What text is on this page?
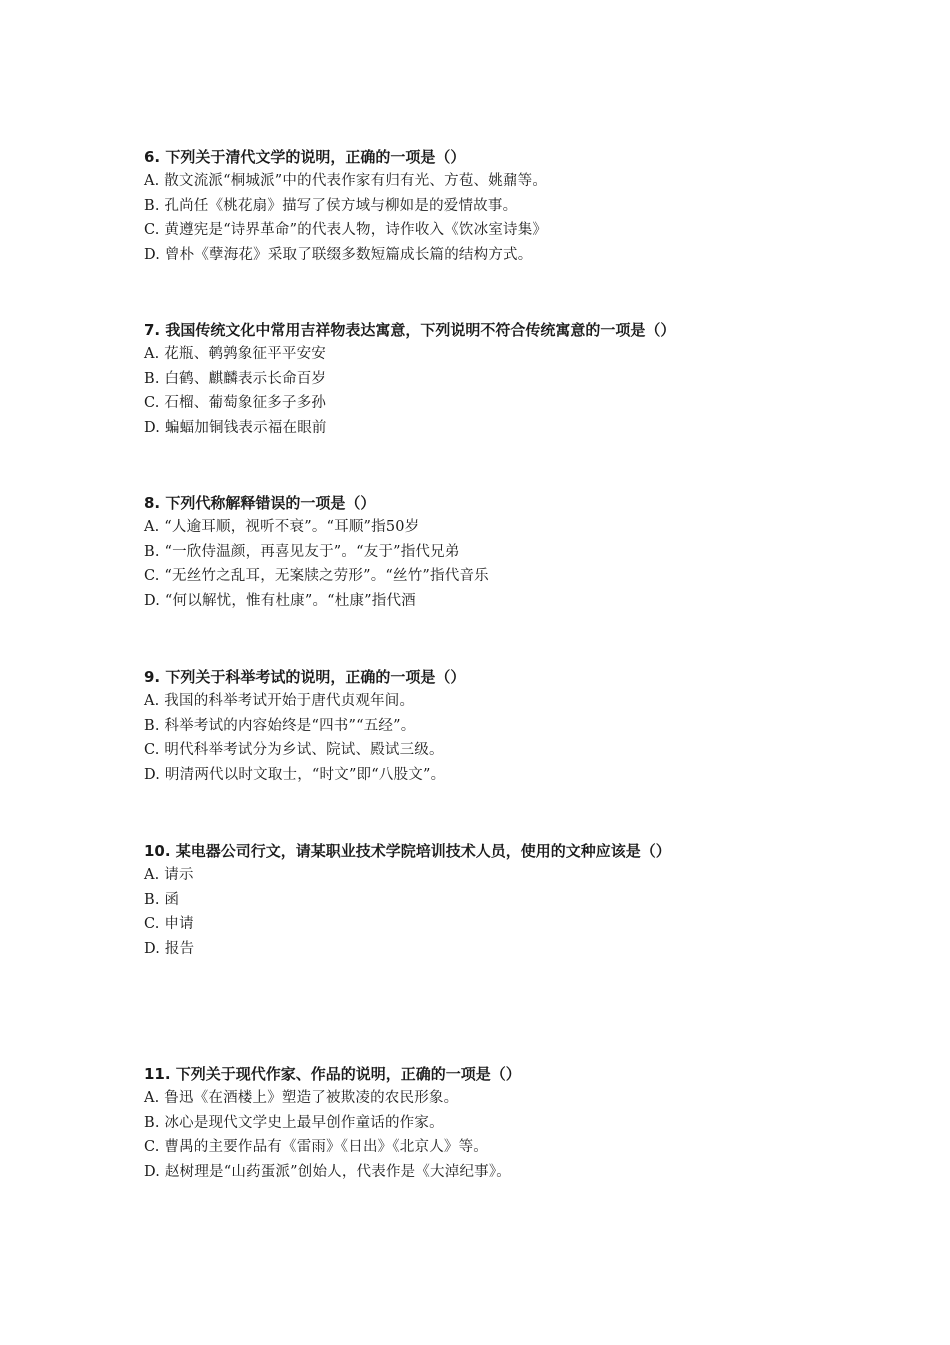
6. 下列关于清代文学的说明，正确的一项是（）

A. 散文流派“桐城派”中的代表作家有归有光、方苞、姚鼐等。

B. 孔尚任《桃花扇》描写了侯方域与柳如是的爱情故事。

C. 黄遵宪是“诗界革命”的代表人物，诗作收入《饮冰室诗集》

D. 曾朴《孽海花》采取了联缀多数短篇成长篇的结构方式。

7. 我国传统文化中常用吉祥物表达寓意，下列说明不符合传统寓意的一项是（）

A. 花瓶、鹌鹑象征平平安安

B. 白鹤、麒麟表示长命百岁

C. 石榴、葡萄象征多子多孙

D. 蝙蝠加铜钱表示福在眼前

8. 下列代称解释错误的一项是（）

A. “人逾耳顺，视听不衰”。“耳顺”指50岁

B. “一欣侍温颜，再喜见友于”。“友于”指代兄弟

C. “无丝竹之乱耳，无案牍之劳形”。“丝竹”指代音乐

D. “何以解忧，惟有杜康”。“杜康”指代酒

9. 下列关于科举考试的说明，正确的一项是（）

A. 我国的科举考试开始于唐代贞观年间。

B. 科举考试的内容始终是“四书”“五经”。

C. 明代科举考试分为乡试、院试、殿试三级。

D. 明清两代以时文取士，“时文”即“八股文”。

10. 某电器公司行文，请某职业技术学院培训技术人员，使用的文种应该是（）

A. 请示

B. 函

C. 申请

D. 报告

11. 下列关于现代作家、作品的说明，正确的一项是（）

A. 鲁迅《在酒楼上》塑造了被欺凌的农民形象。

B. 冰心是现代文学史上最早创作童话的作家。

C. 曹禺的主要作品有《雷雨》《日出》《北京人》等。

D. 赵树理是“山药蛋派”创始人，代表作是《大淖纪事》。
